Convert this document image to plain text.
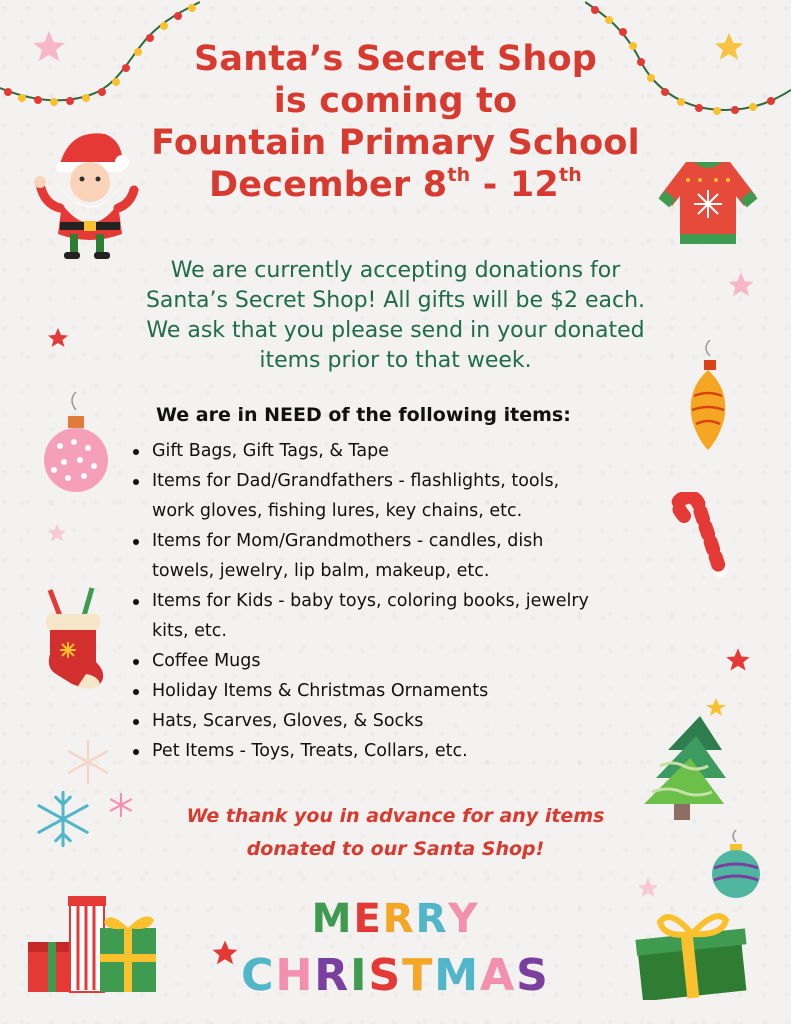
Santa’s Secret Shop
is coming to
Fountain Primary School
December 8th - 12th
We are currently accepting donations for
Santa’s Secret Shop! All gifts will be $2 each.
We ask that you please send in your donated
items prior to that week.
We are in NEED of the following items:
Gift Bags, Gift Tags, & Tape
Items for Dad/Grandfathers - flashlights, tools,
work gloves, fishing lures, key chains, etc.
Items for Mom/Grandmothers - candles, dish
towels, jewelry, lip balm, makeup, etc.
Items for Kids - baby toys, coloring books, jewelry
kits, etc.
Coffee Mugs
Holiday Items & Christmas Ornaments
Hats, Scarves, Gloves, & Socks
Pet Items - Toys, Treats, Collars, etc.
We thank you in advance for any items
donated to our Santa Shop!
MERRY
CHRISTMAS
